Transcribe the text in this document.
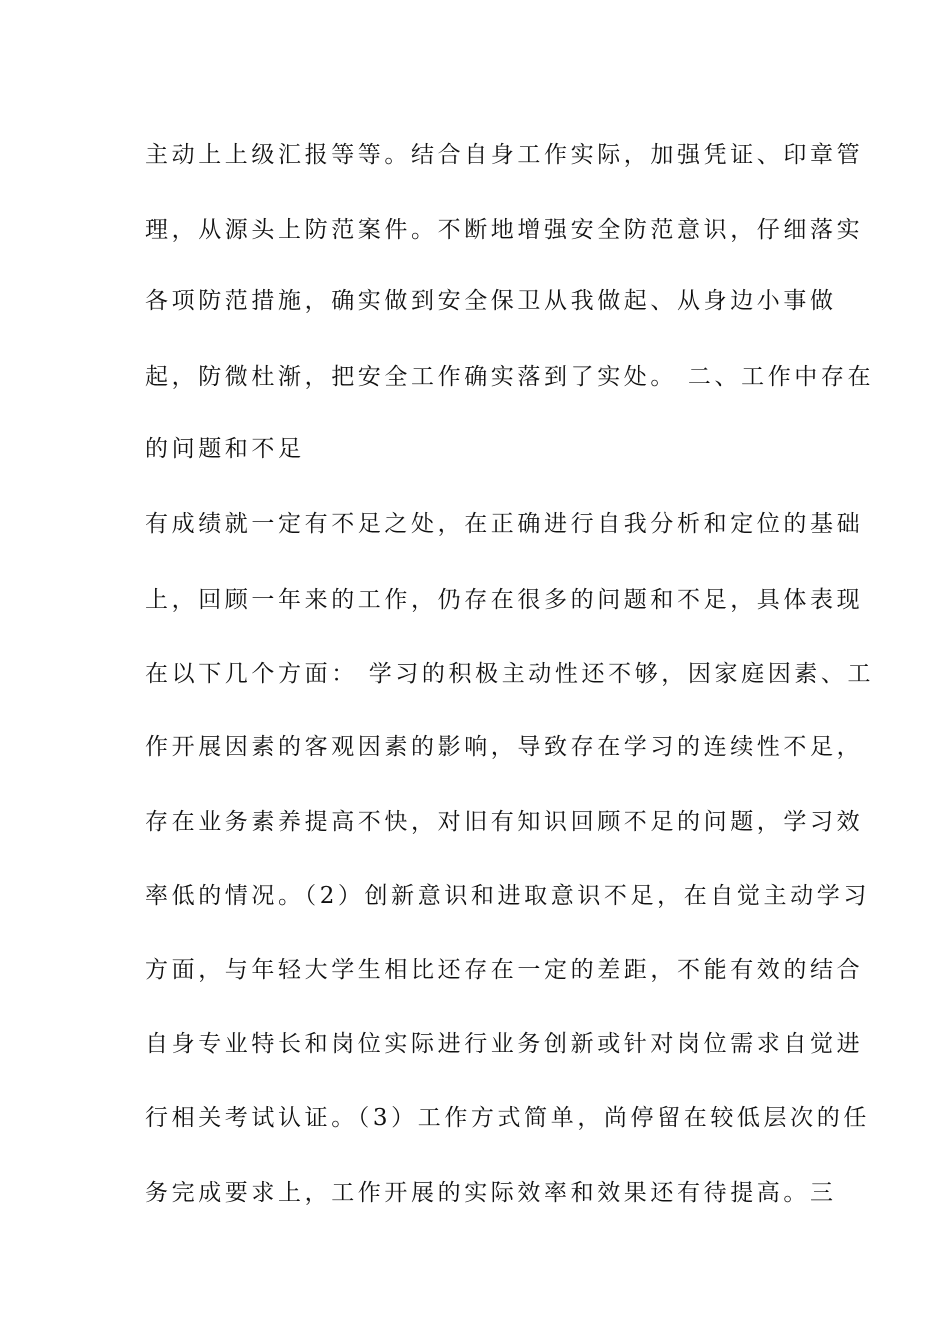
主动上上级汇报等等。结合自身工作实际，加强凭证、印章管
理，从源头上防范案件。不断地增强安全防范意识，仔细落实
各项防范措施，确实做到安全保卫从我做起、从身边小事做
起，防微杜渐，把安全工作确实落到了实处。 二、工作中存在
的问题和不足
有成绩就一定有不足之处，在正确进行自我分析和定位的基础
上，回顾一年来的工作，仍存在很多的问题和不足，具体表现
在以下几个方面： 学习的积极主动性还不够，因家庭因素、工
作开展因素的客观因素的影响，导致存在学习的连续性不足，
存在业务素养提高不快，对旧有知识回顾不足的问题，学习效
率低的情况。（2）创新意识和进取意识不足，在自觉主动学习
方面，与年轻大学生相比还存在一定的差距，不能有效的结合
自身专业特长和岗位实际进行业务创新或针对岗位需求自觉进
行相关考试认证。（3）工作方式简单，尚停留在较低层次的任
务完成要求上，工作开展的实际效率和效果还有待提高。三
